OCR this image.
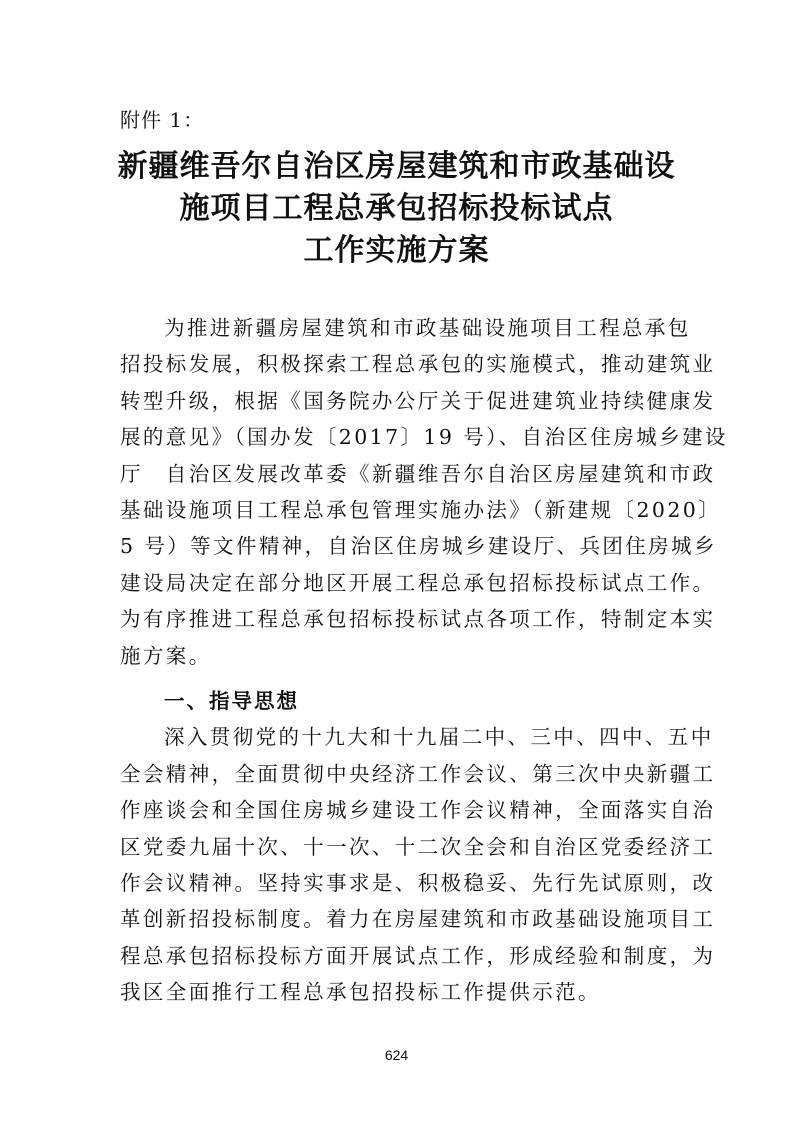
附件 1：
新疆维吾尔自治区房屋建筑和市政基础设
施项目工程总承包招标投标试点
工作实施方案
为推进新疆房屋建筑和市政基础设施项目工程总承包
招投标发展，积极探索工程总承包的实施模式，推动建筑业
转型升级，根据《国务院办公厅关于促进建筑业持续健康发
展的意见》（国办发〔2017〕19 号）、自治区住房城乡建设
厅　自治区发展改革委《新疆维吾尔自治区房屋建筑和市政
基础设施项目工程总承包管理实施办法》（新建规〔2020〕
5 号）等文件精神，自治区住房城乡建设厅、兵团住房城乡
建设局决定在部分地区开展工程总承包招标投标试点工作。
为有序推进工程总承包招标投标试点各项工作，特制定本实
施方案。
一、指导思想
深入贯彻党的十九大和十九届二中、三中、四中、五中
全会精神，全面贯彻中央经济工作会议、第三次中央新疆工
作座谈会和全国住房城乡建设工作会议精神，全面落实自治
区党委九届十次、十一次、十二次全会和自治区党委经济工
作会议精神。坚持实事求是、积极稳妥、先行先试原则，改
革创新招投标制度。着力在房屋建筑和市政基础设施项目工
程总承包招标投标方面开展试点工作，形成经验和制度，为
我区全面推行工程总承包招投标工作提供示范。
624
